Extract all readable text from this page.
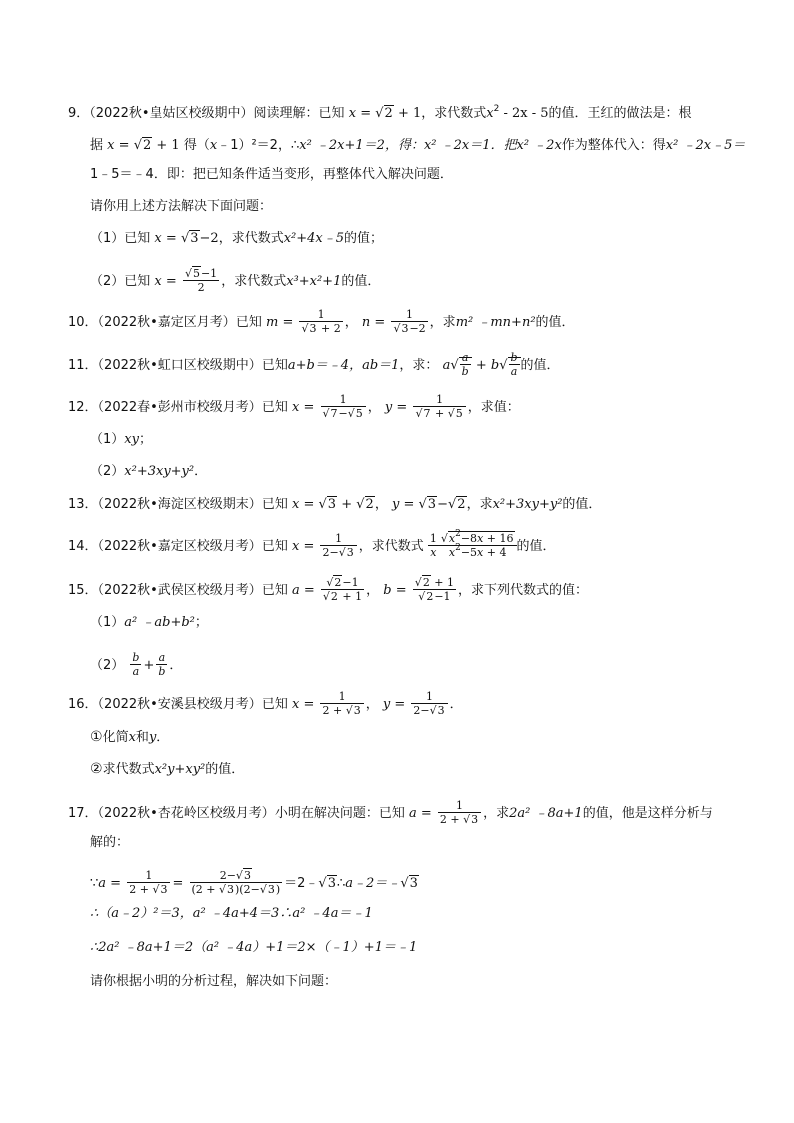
9．（2022秋•皇姑区校级期中）阅读理解：已知 x = √2 + 1，求代数式$x^2 - 2x - 5$的值．王红的做法是：根
据 x = √2 + 1 得（x﹣1）²＝2，∴x² ﹣2x+1＝2，得：x² ﹣2x＝1．把x² ﹣2x作为整体代入：得x² ﹣2x﹣5＝
1﹣5＝﹣4．即：把已知条件适当变形，再整体代入解决问题．
请你用上述方法解决下面问题：
（1）已知 x = √3−2，求代数式x²+4x﹣5的值；
（2）已知 $x = \frac{√5-1}{2}$ ，求代数式x³+x²+1的值．
10．（2022秋•嘉定区月考）已知 $m = \frac{1}{√3 + 2}$ ， $n = \frac{1}{√3-2}$ ，求m² ﹣mn+n²的值．
11．（2022秋•虹口区校级期中）已知a+b＝﹣4，ab＝1，求： $a√ \frac{a}{b} + b√ \frac{b}{a}$ 的值．
12．（2022春•彭州市校级月考）已知 $x = \frac{1}{√7-√5}$ ， $y = \frac{1}{√7 + √5}$ ，求值：
（1）xy；
（2）x²+3xy+y²．
13．（2022秋•海淀区校级期末）已知 x = √3 + √2， y = √3−√2，求x²+3xy+y²的值．
14．（2022秋•嘉定区校级月考）已知 $x = \frac{1}{2-√3}$ ，求代数式 $\frac{1}{x} \frac{√x^2-8x + 16}{x^2-5x + 4}$ 的值．
15．（2022秋•武侯区校级月考）已知 $a = \frac{√2-1}{√2 + 1}$ ， $b = \frac{√2 + 1}{√2-1}$ ，求下列代数式的值：
（1）a² ﹣ab+b²；
$(2) \frac{b}{a} + \frac{a}{b}$ ．
16．（2022秋•安溪县校级月考）已知 $x = \frac{1}{2 + √3}$ ， $y = \frac{1}{2-√3}$ ．
①化简x和y．
②求代数式x²y+xy²的值．
17．（2022秋•杏花岭区校级月考）小明在解决问题：已知 $a = \frac{1}{2 + √3}$ ，求2a² ﹣8a+1的值，他是这样分析与
解的：
∵a = $\frac{1}{2 + √3} = \frac{2-√3}{(2 + √3)(2-√3)}$ ＝2﹣√3∴a﹣2＝﹣√3
∴（a﹣2）²＝3，a² ﹣4a+4＝3∴a² ﹣4a＝﹣1
∴2a² ﹣8a+1＝2（a² ﹣4a）+1＝2×（﹣1）+1＝﹣1
请你根据小明的分析过程，解决如下问题：
